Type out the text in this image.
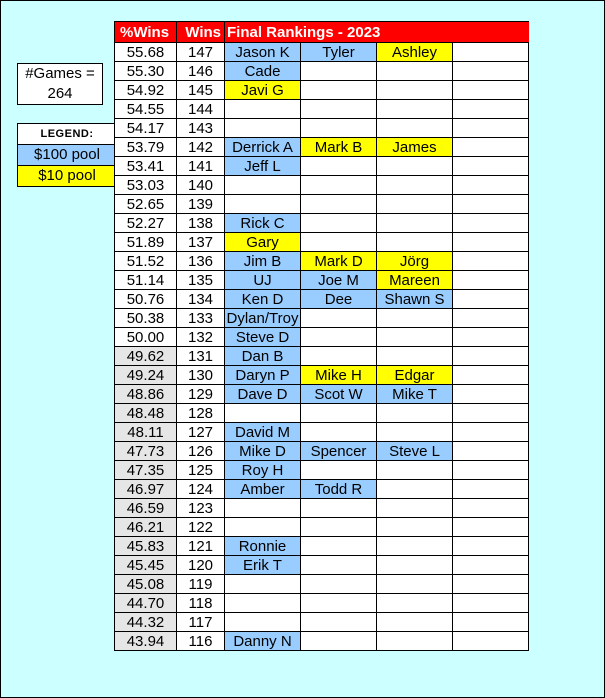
#Games =
264
LEGEND:
$100 pool
$10 pool
%Wins	Wins	Final Rankings - 2023			
55.68	147	Jason K	Tyler	Ashley	
55.30	146	Cade			
54.92	145	Javi G			
54.55	144				
54.17	143				
53.79	142	Derrick A	Mark B	James	
53.41	141	Jeff L			
53.03	140				
52.65	139				
52.27	138	Rick C			
51.89	137	Gary			
51.52	136	Jim B	Mark D	Jörg	
51.14	135	UJ	Joe M	Mareen	
50.76	134	Ken D	Dee	Shawn S	
50.38	133	Dylan/Troy			
50.00	132	Steve D			
49.62	131	Dan B			
49.24	130	Daryn P	Mike H	Edgar	
48.86	129	Dave D	Scot W	Mike T	
48.48	128				
48.11	127	David M			
47.73	126	Mike D	Spencer	Steve L	
47.35	125	Roy H			
46.97	124	Amber	Todd R		
46.59	123				
46.21	122				
45.83	121	Ronnie			
45.45	120	Erik T			
45.08	119				
44.70	118				
44.32	117				
43.94	116	Danny N			
